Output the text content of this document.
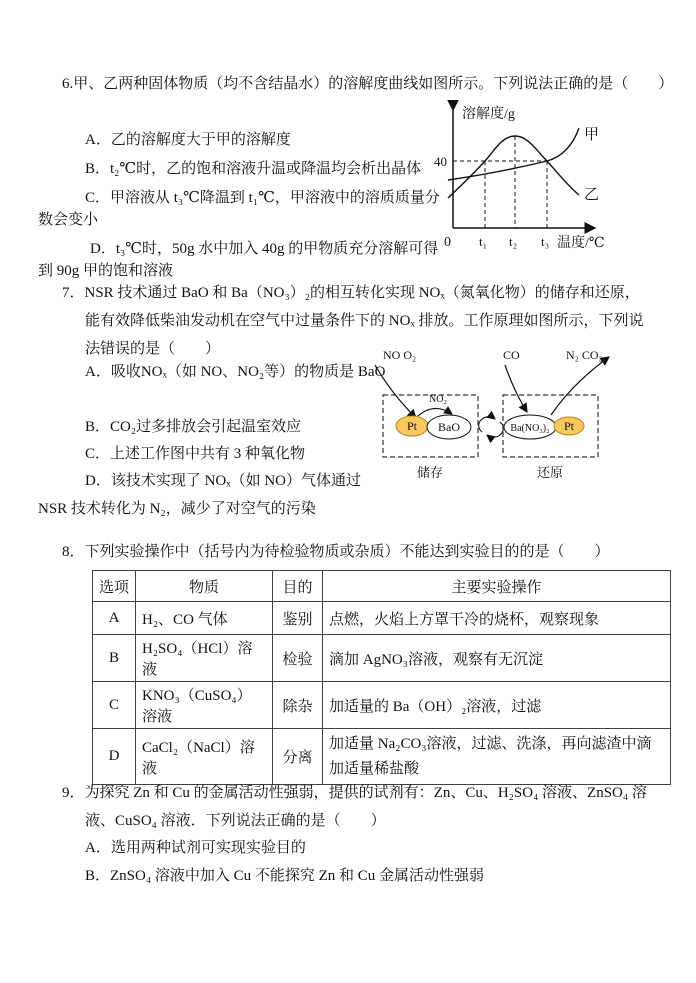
6.甲、乙两种固体物质（均不含结晶水）的溶解度曲线如图所示。下列说法正确的是（　　）
A．乙的溶解度大于甲的溶解度
B．t₂℃时，乙的饱和溶液升温或降温均会析出晶体
C．甲溶液从 t₃℃降温到 t₁℃，甲溶液中的溶质质量分
数会变小
D．t₃℃时，50g 水中加入 40g 的甲物质充分溶解可得
到 90g 甲的饱和溶液
溶解度/g
40
甲
乙
0 t₁ t₂ t₃ 温度/℃
7．NSR 技术通过 BaO 和 Ba（NO₃）₂的相互转化实现 NOₓ（氮氧化物）的储存和还原，
能有效降低柴油发动机在空气中过量条件下的 NOₓ 排放。工作原理如图所示，下列说
法错误的是（　　）
A．吸收NOₓ（如 NO、NO₂等）的物质是 BaO
B．CO₂过多排放会引起温室效应
C．上述工作图中共有 3 种氧化物
D．该技术实现了 NOₓ（如 NO）气体通过
NSR 技术转化为 N₂，减少了对空气的污染
NO O₂	CO	N₂ CO₂
Pt BaO
NO₂
储存
Ba(NO₃)₂ Pt
还原
8．下列实验操作中（括号内为待检验物质或杂质）不能达到实验目的的是（　　）
选项	物质	目的	主要实验操作
A	H₂、CO 气体	鉴别	点燃，火焰上方罩干冷的烧杯，观察现象
B	H₂SO₄（HCl）溶液	检验	滴加 AgNO₃溶液，观察有无沉淀
C	KNO₃（CuSO₄）溶液	除杂	加适量的 Ba（OH）₂溶液，过滤
D	CaCl₂（NaCl）溶液	分离	加适量 Na₂CO₃溶液，过滤、洗涤，再向滤渣中滴加适量稀盐酸
9．为探究 Zn 和 Cu 的金属活动性强弱，提供的试剂有：Zn、Cu、H₂SO₄ 溶液、ZnSO₄ 溶
液、CuSO₄ 溶液．下列说法正确的是（　　）
A．选用两种试剂可实现实验目的
B．ZnSO₄ 溶液中加入 Cu 不能探究 Zn 和 Cu 金属活动性强弱
